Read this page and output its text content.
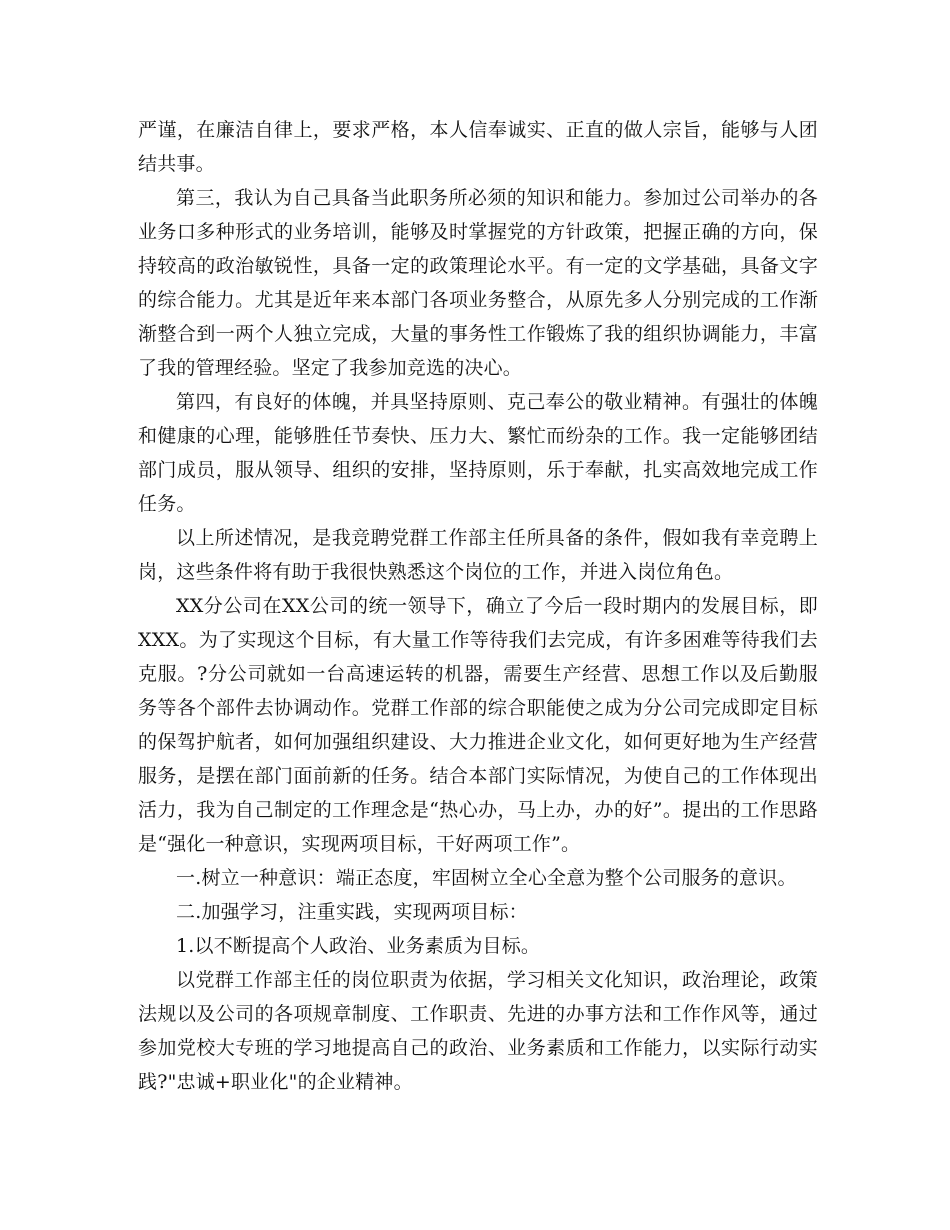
严谨，在廉洁自律上，要求严格，本人信奉诚实、正直的做人宗旨，能够与人团结共事。

第三，我认为自己具备当此职务所必须的知识和能力。参加过公司举办的各业务口多种形式的业务培训，能够及时掌握党的方针政策，把握正确的方向，保持较高的政治敏锐性，具备一定的政策理论水平。有一定的文学基础，具备文字的综合能力。尤其是近年来本部门各项业务整合，从原先多人分别完成的工作渐渐整合到一两个人独立完成，大量的事务性工作锻炼了我的组织协调能力，丰富了我的管理经验。坚定了我参加竞选的决心。

第四，有良好的体魄，并具坚持原则、克己奉公的敬业精神。有强壮的体魄和健康的心理，能够胜任节奏快、压力大、繁忙而纷杂的工作。我一定能够团结部门成员，服从领导、组织的安排，坚持原则，乐于奉献，扎实高效地完成工作任务。

以上所述情况，是我竞聘党群工作部主任所具备的条件，假如我有幸竞聘上岗，这些条件将有助于我很快熟悉这个岗位的工作，并进入岗位角色。

XX分公司在XX公司的统一领导下，确立了今后一段时期内的发展目标，即XXX。为了实现这个目标，有大量工作等待我们去完成，有许多困难等待我们去克服。?分公司就如一台高速运转的机器，需要生产经营、思想工作以及后勤服务等各个部件去协调动作。党群工作部的综合职能使之成为分公司完成即定目标的保驾护航者，如何加强组织建设、大力推进企业文化，如何更好地为生产经营服务，是摆在部门面前新的任务。结合本部门实际情况，为使自己的工作体现出活力，我为自己制定的工作理念是“热心办，马上办，办的好”。提出的工作思路是“强化一种意识，实现两项目标，干好两项工作”。

一.树立一种意识：端正态度，牢固树立全心全意为整个公司服务的意识。

二.加强学习，注重实践，实现两项目标：

1.以不断提高个人政治、业务素质为目标。

以党群工作部主任的岗位职责为依据，学习相关文化知识，政治理论，政策法规以及公司的各项规章制度、工作职责、先进的办事方法和工作作风等，通过参加党校大专班的学习地提高自己的政治、业务素质和工作能力，以实际行动实践?"忠诚+职业化"的企业精神。
